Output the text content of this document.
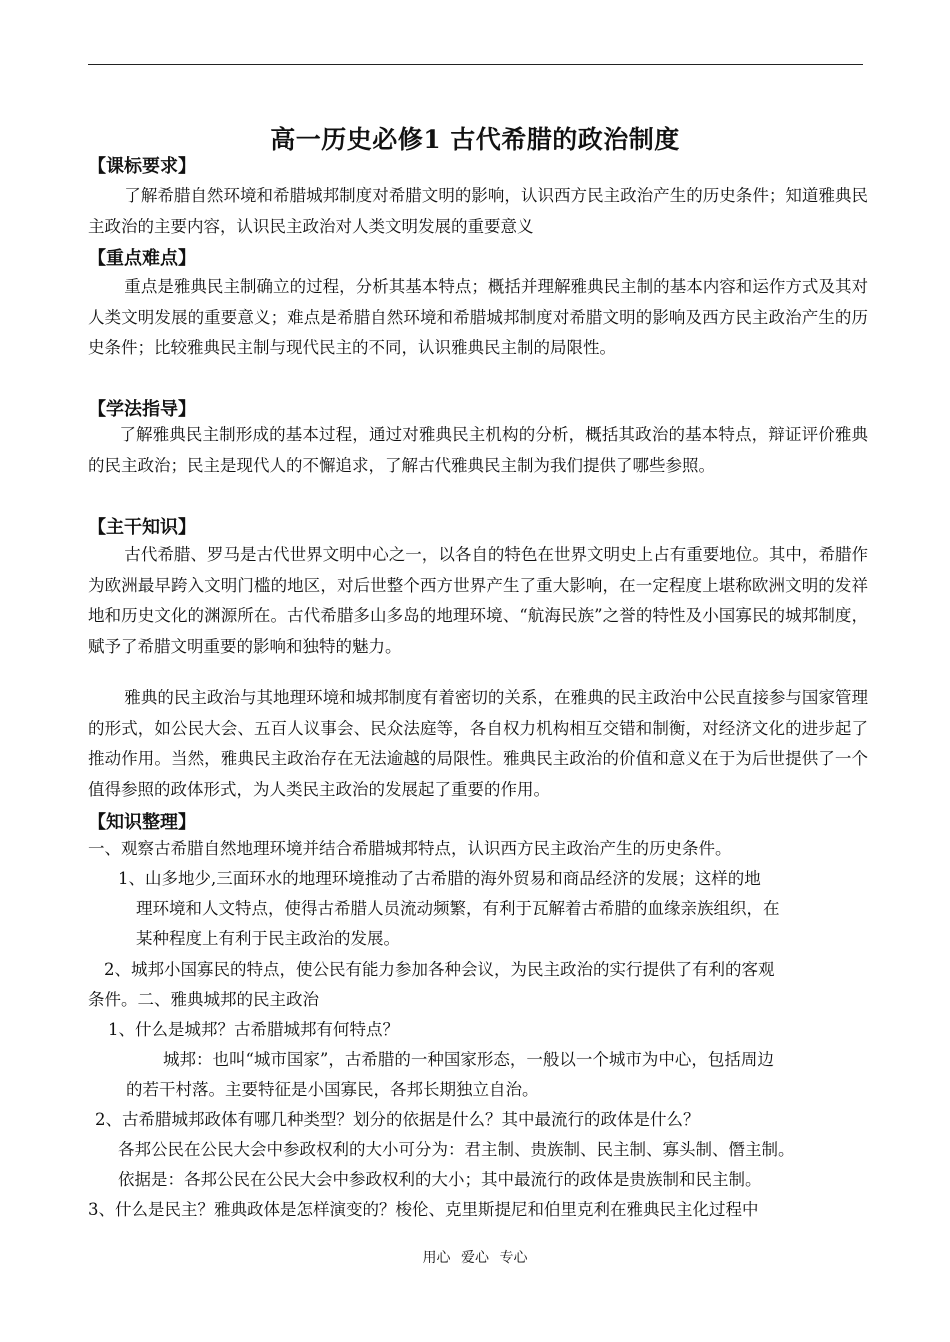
高一历史必修1 古代希腊的政治制度
【课标要求】
了解希腊自然环境和希腊城邦制度对希腊文明的影响，认识西方民主政治产生的历史条件；知道雅典民主政治的主要内容，认识民主政治对人类文明发展的重要意义
【重点难点】
重点是雅典民主制确立的过程，分析其基本特点；概括并理解雅典民主制的基本内容和运作方式及其对人类文明发展的重要意义；难点是希腊自然环境和希腊城邦制度对希腊文明的影响及西方民主政治产生的历史条件；比较雅典民主制与现代民主的不同，认识雅典民主制的局限性。
【学法指导】
了解雅典民主制形成的基本过程，通过对雅典民主机构的分析，概括其政治的基本特点，辩证评价雅典的民主政治；民主是现代人的不懈追求，了解古代雅典民主制为我们提供了哪些参照。
【主干知识】
古代希腊、罗马是古代世界文明中心之一，以各自的特色在世界文明史上占有重要地位。其中，希腊作为欧洲最早跨入文明门槛的地区，对后世整个西方世界产生了重大影响，在一定程度上堪称欧洲文明的发祥地和历史文化的渊源所在。古代希腊多山多岛的地理环境、“航海民族”之誉的特性及小国寡民的城邦制度，赋予了希腊文明重要的影响和独特的魅力。
雅典的民主政治与其地理环境和城邦制度有着密切的关系，在雅典的民主政治中公民直接参与国家管理的形式，如公民大会、五百人议事会、民众法庭等，各自权力机构相互交错和制衡，对经济文化的进步起了推动作用。当然，雅典民主政治存在无法逾越的局限性。雅典民主政治的价值和意义在于为后世提供了一个值得参照的政体形式，为人类民主政治的发展起了重要的作用。
【知识整理】
一、观察古希腊自然地理环境并结合希腊城邦特点，认识西方民主政治产生的历史条件。
1、山多地少,三面环水的地理环境推动了古希腊的海外贸易和商品经济的发展；这样的地
理环境和人文特点，使得古希腊人员流动频繁，有利于瓦解着古希腊的血缘亲族组织，在
某种程度上有利于民主政治的发展。
2、城邦小国寡民的特点，使公民有能力参加各种会议，为民主政治的实行提供了有利的客观
条件。二、雅典城邦的民主政治
1、什么是城邦？古希腊城邦有何特点？
城邦：也叫“城市国家”，古希腊的一种国家形态，一般以一个城市为中心，包括周边
的若干村落。主要特征是小国寡民，各邦长期独立自治。
2、古希腊城邦政体有哪几种类型？划分的依据是什么？其中最流行的政体是什么？
各邦公民在公民大会中参政权利的大小可分为：君主制、贵族制、民主制、寡头制、僭主制。
依据是：各邦公民在公民大会中参政权利的大小；其中最流行的政体是贵族制和民主制。
3、什么是民主？雅典政体是怎样演变的？梭伦、克里斯提尼和伯里克利在雅典民主化过程中
用心 爱心 专心
